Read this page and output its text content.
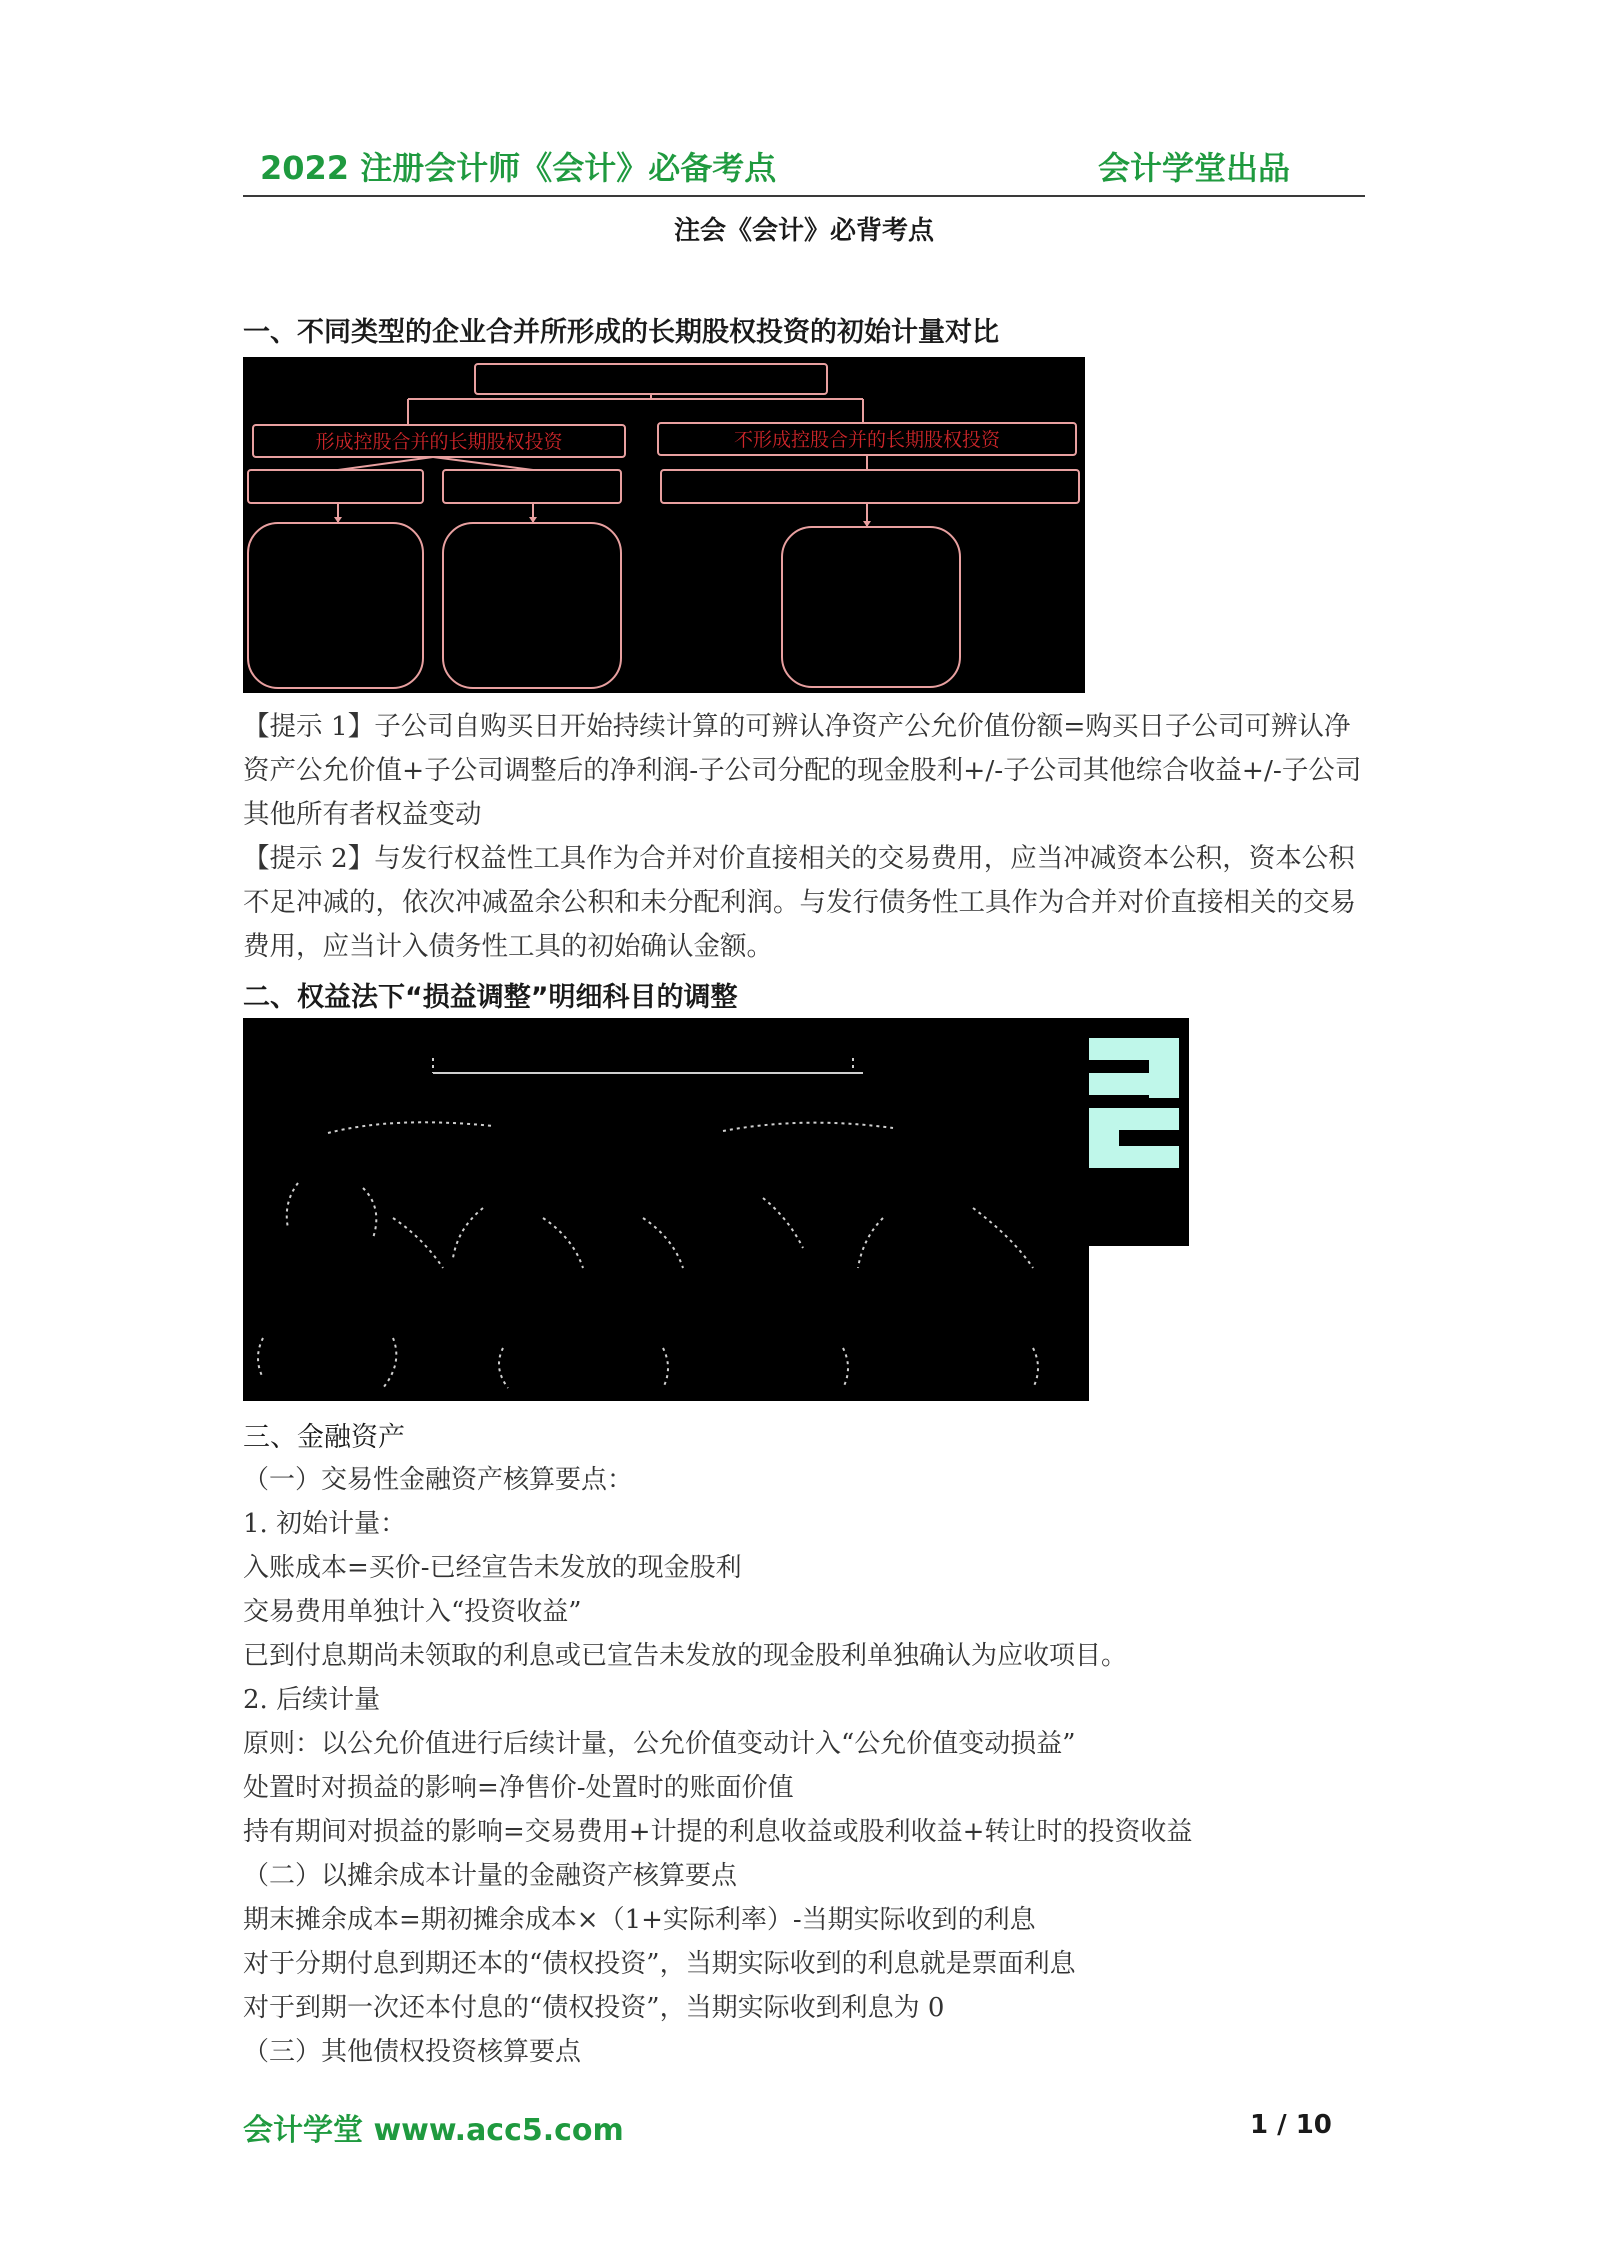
2022 注册会计师《会计》必备考点	会计学堂出品
注会《会计》必背考点
一、不同类型的企业合并所形成的长期股权投资的初始计量对比
形成控股合并的长期股权投资	不形成控股合并的长期股权投资
【提示 1】子公司自购买日开始持续计算的可辨认净资产公允价值份额=购买日子公司可辨认净资产公允价值+子公司调整后的净利润-子公司分配的现金股利+/-子公司其他综合收益+/-子公司其他所有者权益变动
【提示 2】与发行权益性工具作为合并对价直接相关的交易费用，应当冲减资本公积，资本公积不足冲减的，依次冲减盈余公积和未分配利润。与发行债务性工具作为合并对价直接相关的交易费用，应当计入债务性工具的初始确认金额。
二、权益法下“损益调整”明细科目的调整
三、金融资产
（一）交易性金融资产核算要点：
1. 初始计量：
入账成本=买价-已经宣告未发放的现金股利
交易费用单独计入“投资收益”
已到付息期尚未领取的利息或已宣告未发放的现金股利单独确认为应收项目。
2. 后续计量
原则：以公允价值进行后续计量，公允价值变动计入“公允价值变动损益”
处置时对损益的影响=净售价-处置时的账面价值
持有期间对损益的影响=交易费用+计提的利息收益或股利收益+转让时的投资收益
（二）以摊余成本计量的金融资产核算要点
期末摊余成本=期初摊余成本×（1+实际利率）-当期实际收到的利息
对于分期付息到期还本的“债权投资”，当期实际收到的利息就是票面利息
对于到期一次还本付息的“债权投资”，当期实际收到利息为 0
（三）其他债权投资核算要点
会计学堂 www.acc5.com	1 / 10
